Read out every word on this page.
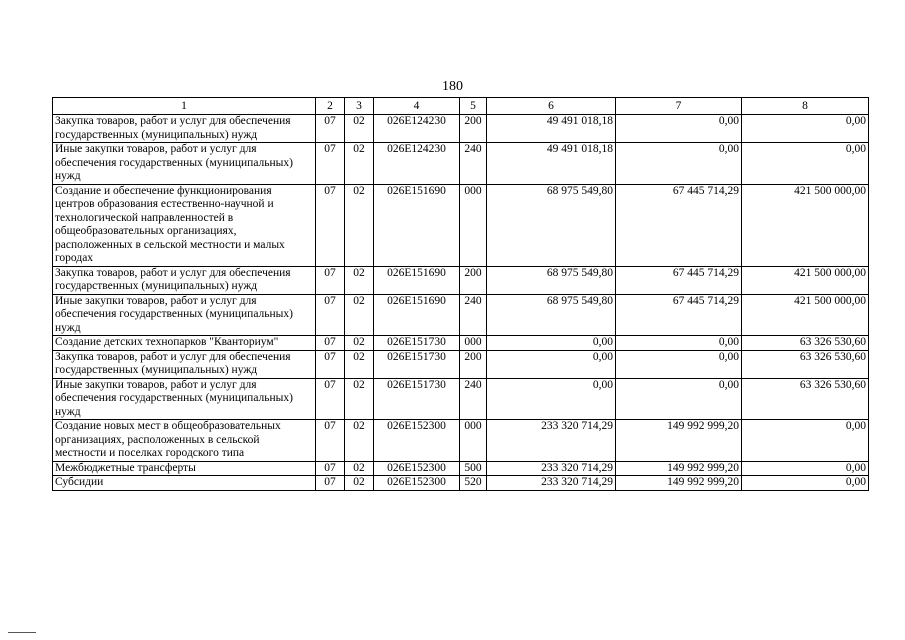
180
1	2	3	4	5	6	7	8
Закупка товаров, работ и услуг для обеспечения государственных (муниципальных) нужд	07	02	026E124230	200	49 491 018,18	0,00	0,00
Иные закупки товаров, работ и услуг для обеспечения государственных (муниципальных) нужд	07	02	026E124230	240	49 491 018,18	0,00	0,00
Создание и обеспечение функционирования центров образования естественно-научной и технологической направленностей в общеобразовательных организациях, расположенных в сельской местности и малых городах	07	02	026E151690	000	68 975 549,80	67 445 714,29	421 500 000,00
Закупка товаров, работ и услуг для обеспечения государственных (муниципальных) нужд	07	02	026E151690	200	68 975 549,80	67 445 714,29	421 500 000,00
Иные закупки товаров, работ и услуг для обеспечения государственных (муниципальных) нужд	07	02	026E151690	240	68 975 549,80	67 445 714,29	421 500 000,00
Создание детских технопарков "Кванториум"	07	02	026E151730	000	0,00	0,00	63 326 530,60
Закупка товаров, работ и услуг для обеспечения государственных (муниципальных) нужд	07	02	026E151730	200	0,00	0,00	63 326 530,60
Иные закупки товаров, работ и услуг для обеспечения государственных (муниципальных) нужд	07	02	026E151730	240	0,00	0,00	63 326 530,60
Создание новых мест в общеобразовательных организациях, расположенных в сельской местности и поселках городского типа	07	02	026E152300	000	233 320 714,29	149 992 999,20	0,00
Межбюджетные трансферты	07	02	026E152300	500	233 320 714,29	149 992 999,20	0,00
Субсидии	07	02	026E152300	520	233 320 714,29	149 992 999,20	0,00
